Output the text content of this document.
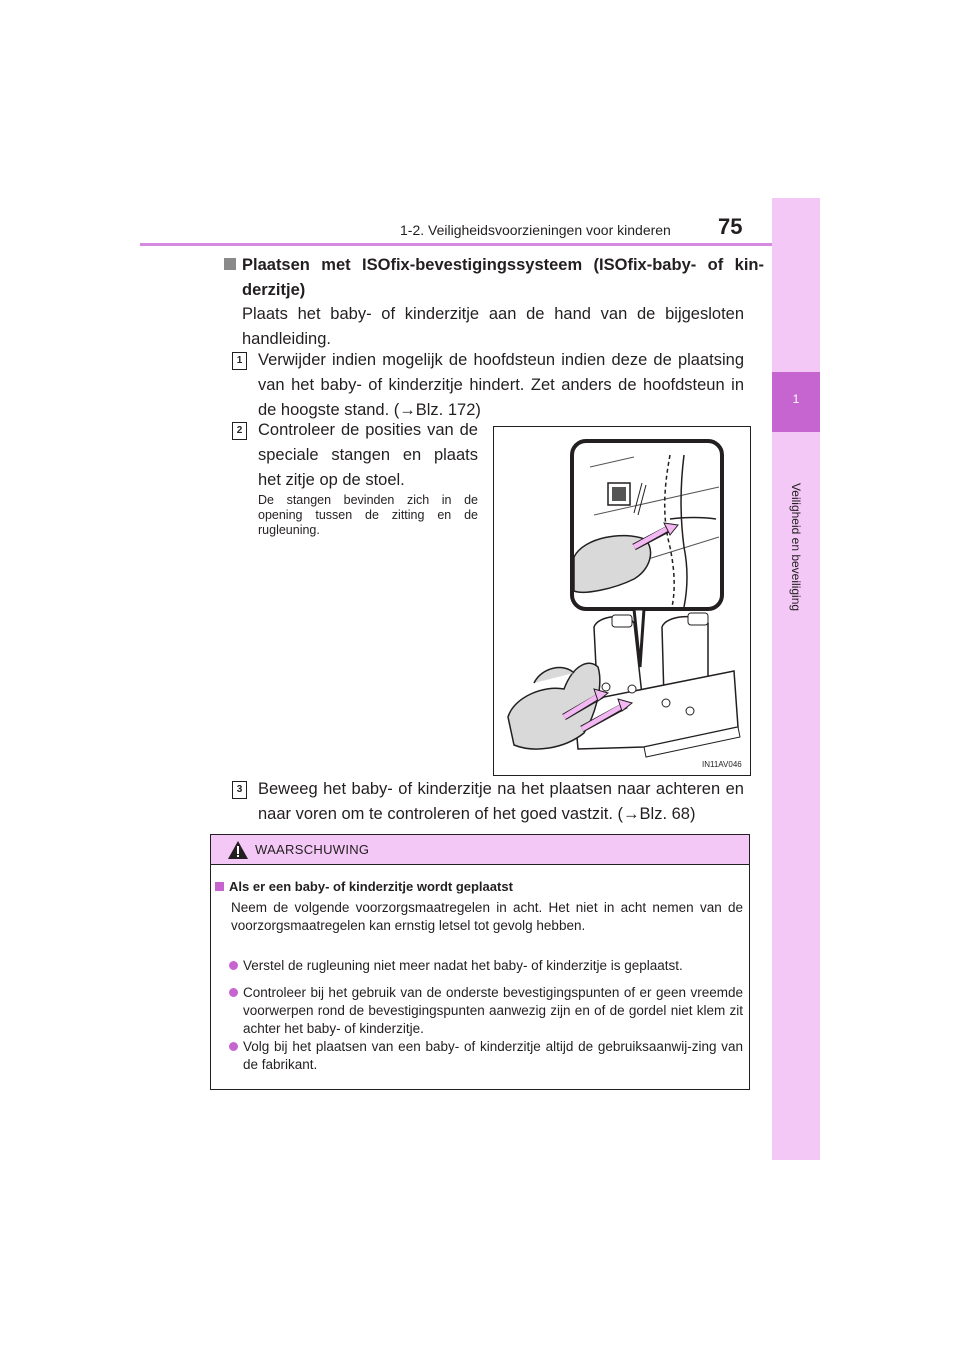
1-2. Veiligheidsvoorzieningen voor kinderen 75
1
Veiligheid en beveiliging
Plaatsen met ISOfix-bevestigingssysteem (ISOfix-baby- of kin-derzitje)
Plaats het baby- of kinderzitje aan de hand van de bijgesloten handleiding.
1 Verwijder indien mogelijk de hoofdsteun indien deze de plaatsing van het baby- of kinderzitje hindert. Zet anders de hoofdsteun in de hoogste stand. (→Blz. 172)
2 Controleer de posities van de speciale stangen en plaats het zitje op de stoel.
De stangen bevinden zich in de opening tussen de zitting en de rugleuning.
IN11AV046
3 Beweeg het baby- of kinderzitje na het plaatsen naar achteren en naar voren om te controleren of het goed vastzit. (→Blz. 68)
WAARSCHUWING
Als er een baby- of kinderzitje wordt geplaatst
Neem de volgende voorzorgsmaatregelen in acht. Het niet in acht nemen van de voorzorgsmaatregelen kan ernstig letsel tot gevolg hebben.
Verstel de rugleuning niet meer nadat het baby- of kinderzitje is geplaatst.
Controleer bij het gebruik van de onderste bevestigingspunten of er geen vreemde voorwerpen rond de bevestigingspunten aanwezig zijn en of de gordel niet klem zit achter het baby- of kinderzitje.
Volg bij het plaatsen van een baby- of kinderzitje altijd de gebruiksaanwij-zing van de fabrikant.
